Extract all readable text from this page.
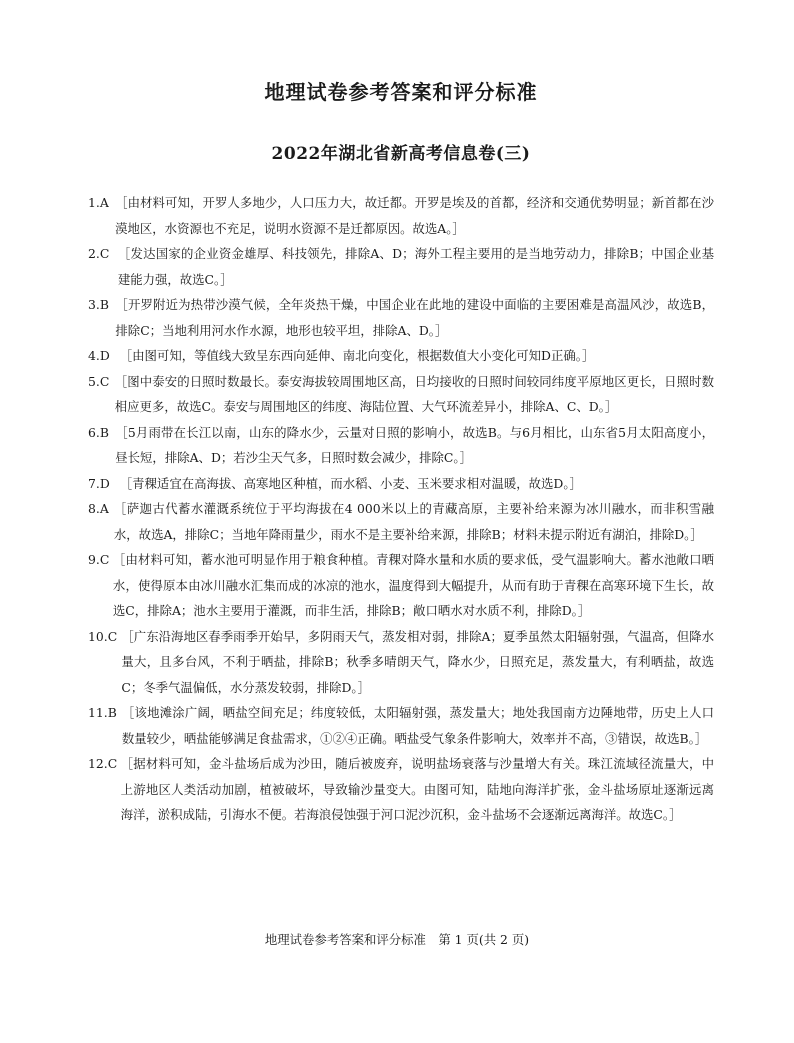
地理试卷参考答案和评分标准
2022年湖北省新高考信息卷(三)
1.A ［由材料可知，开罗人多地少，人口压力大，故迁都。开罗是埃及的首都，经济和交通优势明显；新首都在沙漠地区，水资源也不充足，说明水资源不是迁都原因。故选A。］
2.C ［发达国家的企业资金雄厚、科技领先，排除A、D；海外工程主要用的是当地劳动力，排除B；中国企业基建能力强，故选C。］
3.B ［开罗附近为热带沙漠气候，全年炎热干燥，中国企业在此地的建设中面临的主要困难是高温风沙，故选B，排除C；当地利用河水作水源，地形也较平坦，排除A、D。］
4.D ［由图可知，等值线大致呈东西向延伸、南北向变化，根据数值大小变化可知D正确。］
5.C ［图中泰安的日照时数最长。泰安海拔较周围地区高，日均接收的日照时间较同纬度平原地区更长，日照时数相应更多，故选C。泰安与周围地区的纬度、海陆位置、大气环流差异小，排除A、C、D。］
6.B ［5月雨带在长江以南，山东的降水少，云量对日照的影响小，故选B。与6月相比，山东省5月太阳高度小，昼长短，排除A、D；若沙尘天气多，日照时数会减少，排除C。］
7.D ［青稞适宜在高海拔、高寒地区种植，而水稻、小麦、玉米要求相对温暖，故选D。］
8.A ［萨迦古代蓄水灌溉系统位于平均海拔在4 000米以上的青藏高原，主要补给来源为冰川融水，而非积雪融水，故选A，排除C；当地年降雨量少，雨水不是主要补给来源，排除B；材料未提示附近有湖泊，排除D。］
9.C ［由材料可知，蓄水池可明显作用于粮食种植。青稞对降水量和水质的要求低，受气温影响大。蓄水池敞口晒水，使得原本由冰川融水汇集而成的冰凉的池水，温度得到大幅提升，从而有助于青稞在高寒环境下生长，故选C，排除A；池水主要用于灌溉，而非生活，排除B；敞口晒水对水质不利，排除D。］
10.C ［广东沿海地区春季雨季开始早，多阴雨天气，蒸发相对弱，排除A；夏季虽然太阳辐射强，气温高，但降水量大，且多台风，不利于晒盐，排除B；秋季多晴朗天气，降水少，日照充足，蒸发量大，有利晒盐，故选C；冬季气温偏低，水分蒸发较弱，排除D。］
11.B ［该地滩涂广阔，晒盐空间充足；纬度较低，太阳辐射强，蒸发量大；地处我国南方边陲地带，历史上人口数量较少，晒盐能够满足食盐需求，①②④正确。晒盐受气象条件影响大，效率并不高，③错误，故选B。］
12.C ［据材料可知，金斗盐场后成为沙田，随后被废弃，说明盐场衰落与沙量增大有关。珠江流域径流量大，中上游地区人类活动加剧，植被破坏，导致输沙量变大。由图可知，陆地向海洋扩张，金斗盐场原址逐渐远离海洋，淤积成陆，引海水不便。若海浪侵蚀强于河口泥沙沉积，金斗盐场不会逐渐远离海洋。故选C。］
地理试卷参考答案和评分标准　第 1 页(共 2 页)
